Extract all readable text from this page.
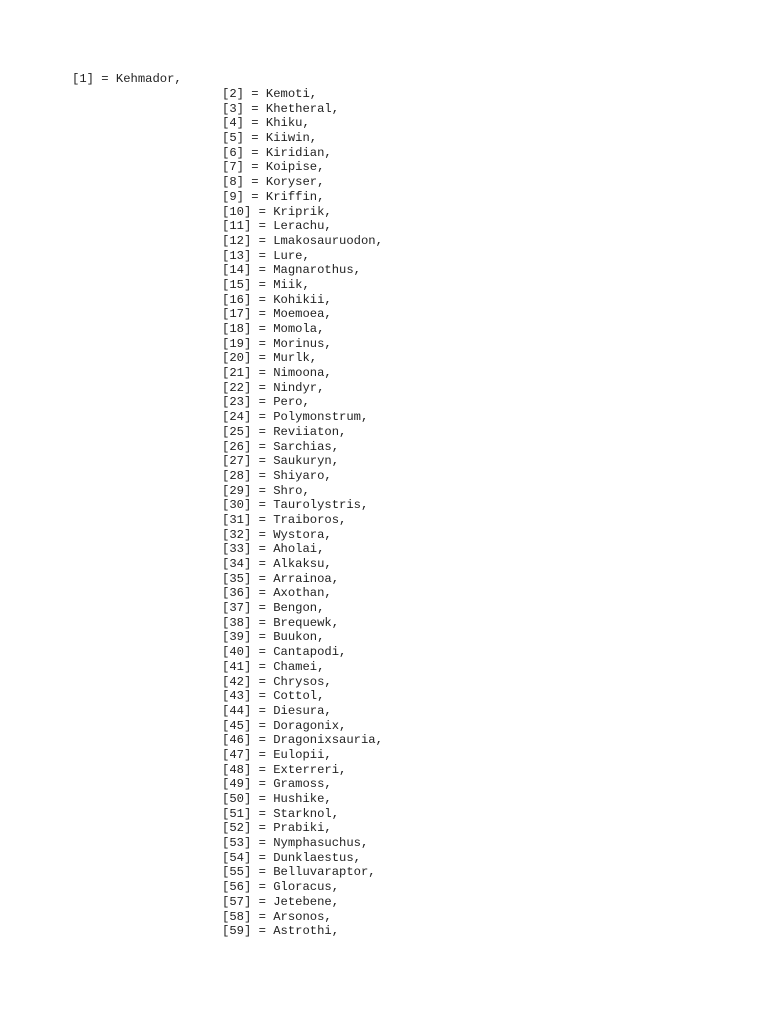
[1] = Kehmador,
[2] = Kemoti,
[3] = Khetheral,
[4] = Khiku,
[5] = Kiiwin,
[6] = Kiridian,
[7] = Koipise,
[8] = Koryser,
[9] = Kriffin,
[10] = Kriprik,
[11] = Lerachu,
[12] = Lmakosauruodon,
[13] = Lure,
[14] = Magnarothus,
[15] = Miik,
[16] = Kohikii,
[17] = Moemoea,
[18] = Momola,
[19] = Morinus,
[20] = Murlk,
[21] = Nimoona,
[22] = Nindyr,
[23] = Pero,
[24] = Polymonstrum,
[25] = Reviiaton,
[26] = Sarchias,
[27] = Saukuryn,
[28] = Shiyaro,
[29] = Shro,
[30] = Taurolystris,
[31] = Traiboros,
[32] = Wystora,
[33] = Aholai,
[34] = Alkaksu,
[35] = Arrainoa,
[36] = Axothan,
[37] = Bengon,
[38] = Brequewk,
[39] = Buukon,
[40] = Cantapodi,
[41] = Chamei,
[42] = Chrysos,
[43] = Cottol,
[44] = Diesura,
[45] = Doragonix,
[46] = Dragonixsauria,
[47] = Eulopii,
[48] = Exterreri,
[49] = Gramoss,
[50] = Hushike,
[51] = Starknol,
[52] = Prabiki,
[53] = Nymphasuchus,
[54] = Dunklaestus,
[55] = Belluvaraptor,
[56] = Gloracus,
[57] = Jetebene,
[58] = Arsonos,
[59] = Astrothi,
